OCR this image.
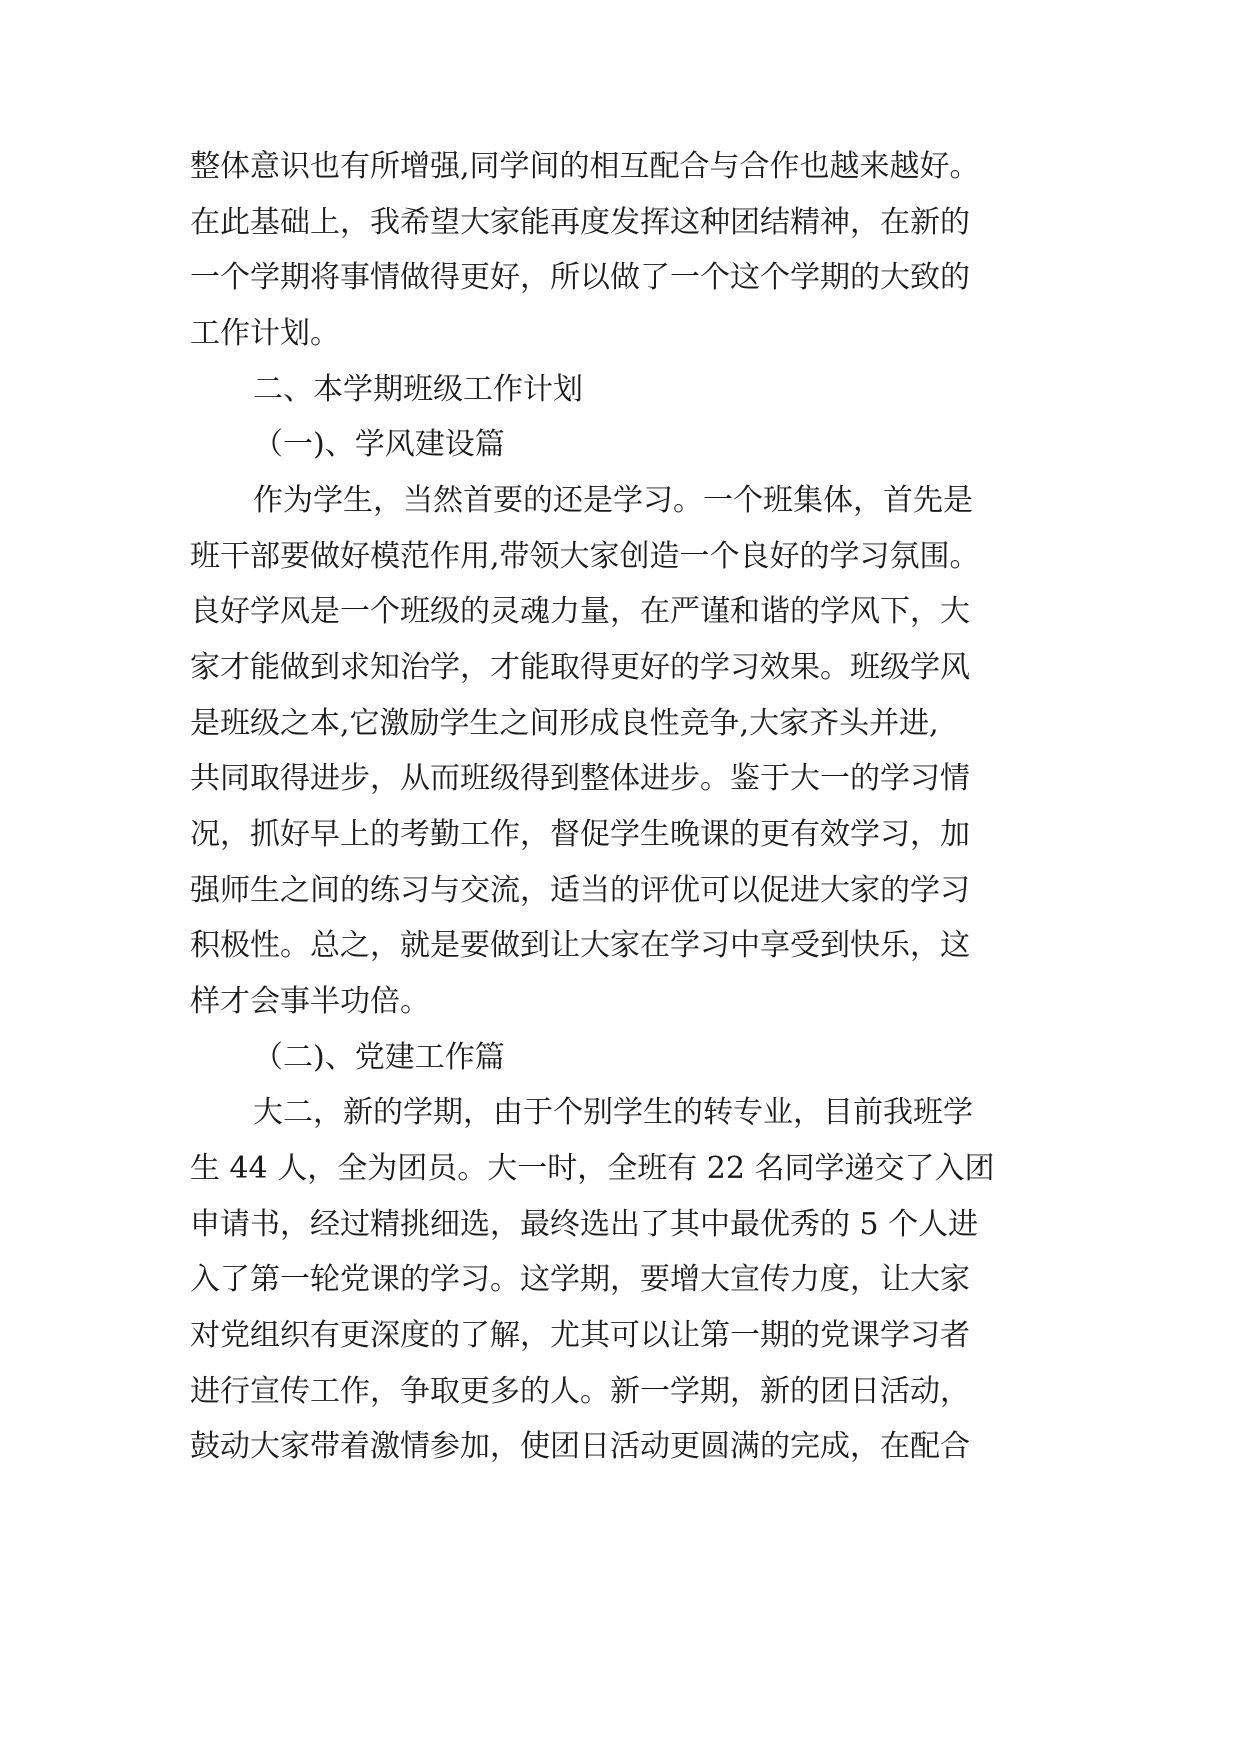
整体意识也有所增强,同学间的相互配合与合作也越来越好。
在此基础上，我希望大家能再度发挥这种团结精神，在新的
一个学期将事情做得更好，所以做了一个这个学期的大致的
工作计划。
二、本学期班级工作计划
（一)、学风建设篇
作为学生，当然首要的还是学习。一个班集体，首先是
班干部要做好模范作用,带领大家创造一个良好的学习氛围。
良好学风是一个班级的灵魂力量，在严谨和谐的学风下，大
家才能做到求知治学，才能取得更好的学习效果。班级学风
是班级之本,它激励学生之间形成良性竞争,大家齐头并进,
共同取得进步，从而班级得到整体进步。鉴于大一的学习情
况，抓好早上的考勤工作，督促学生晚课的更有效学习，加
强师生之间的练习与交流，适当的评优可以促进大家的学习
积极性。总之，就是要做到让大家在学习中享受到快乐，这
样才会事半功倍。
（二)、党建工作篇
大二，新的学期，由于个别学生的转专业，目前我班学
生 44 人，全为团员。大一时，全班有 22 名同学递交了入团
申请书，经过精挑细选，最终选出了其中最优秀的 5 个人进
入了第一轮党课的学习。这学期，要增大宣传力度，让大家
对党组织有更深度的了解，尤其可以让第一期的党课学习者
进行宣传工作，争取更多的人。新一学期，新的团日活动，
鼓动大家带着激情参加，使团日活动更圆满的完成，在配合
